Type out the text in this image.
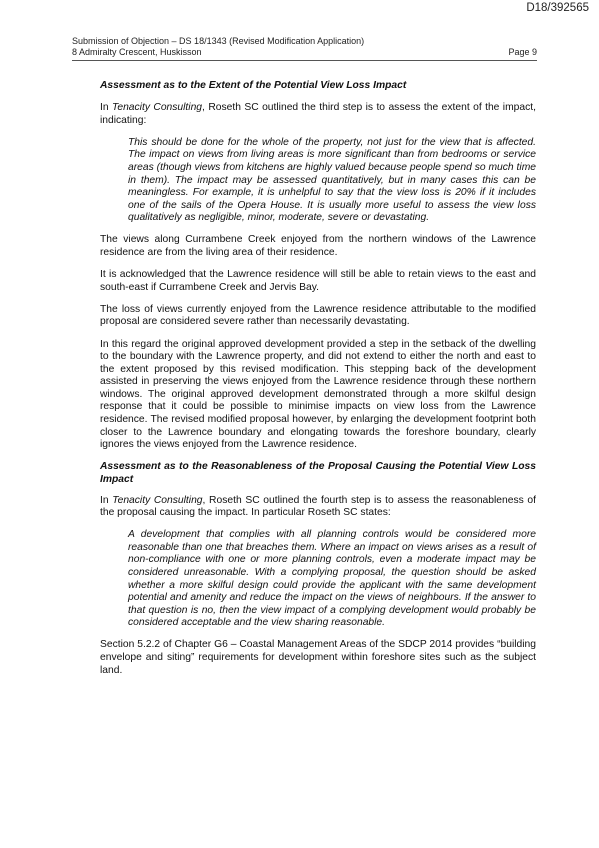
D18/392565
Submission of Objection – DS 18/1343 (Revised Modification Application)
8 Admiralty Crescent, Huskisson	Page 9

Assessment as to the Extent of the Potential View Loss Impact

In Tenacity Consulting, Roseth SC outlined the third step is to assess the extent of the impact, indicating:

This should be done for the whole of the property, not just for the view that is affected. The impact on views from living areas is more significant than from bedrooms or service areas (though views from kitchens are highly valued because people spend so much time in them). The impact may be assessed quantitatively, but in many cases this can be meaningless. For example, it is unhelpful to say that the view loss is 20% if it includes one of the sails of the Opera House. It is usually more useful to assess the view loss qualitatively as negligible, minor, moderate, severe or devastating.

The views along Currambene Creek enjoyed from the northern windows of the Lawrence residence are from the living area of their residence.

It is acknowledged that the Lawrence residence will still be able to retain views to the east and south-east if Currambene Creek and Jervis Bay.

The loss of views currently enjoyed from the Lawrence residence attributable to the modified proposal are considered severe rather than necessarily devastating.

In this regard the original approved development provided a step in the setback of the dwelling to the boundary with the Lawrence property, and did not extend to either the north and east to the extent proposed by this revised modification. This stepping back of the development assisted in preserving the views enjoyed from the Lawrence residence through these northern windows. The original approved development demonstrated through a more skilful design response that it could be possible to minimise impacts on view loss from the Lawrence residence. The revised modified proposal however, by enlarging the development footprint both closer to the Lawrence boundary and elongating towards the foreshore boundary, clearly ignores the views enjoyed from the Lawrence residence.

Assessment as to the Reasonableness of the Proposal Causing the Potential View Loss Impact

In Tenacity Consulting, Roseth SC outlined the fourth step is to assess the reasonableness of the proposal causing the impact. In particular Roseth SC states:

A development that complies with all planning controls would be considered more reasonable than one that breaches them. Where an impact on views arises as a result of non-compliance with one or more planning controls, even a moderate impact may be considered unreasonable. With a complying proposal, the question should be asked whether a more skilful design could provide the applicant with the same development potential and amenity and reduce the impact on the views of neighbours. If the answer to that question is no, then the view impact of a complying development would probably be considered acceptable and the view sharing reasonable.

Section 5.2.2 of Chapter G6 – Coastal Management Areas of the SDCP 2014 provides “building envelope and siting” requirements for development within foreshore sites such as the subject land.
